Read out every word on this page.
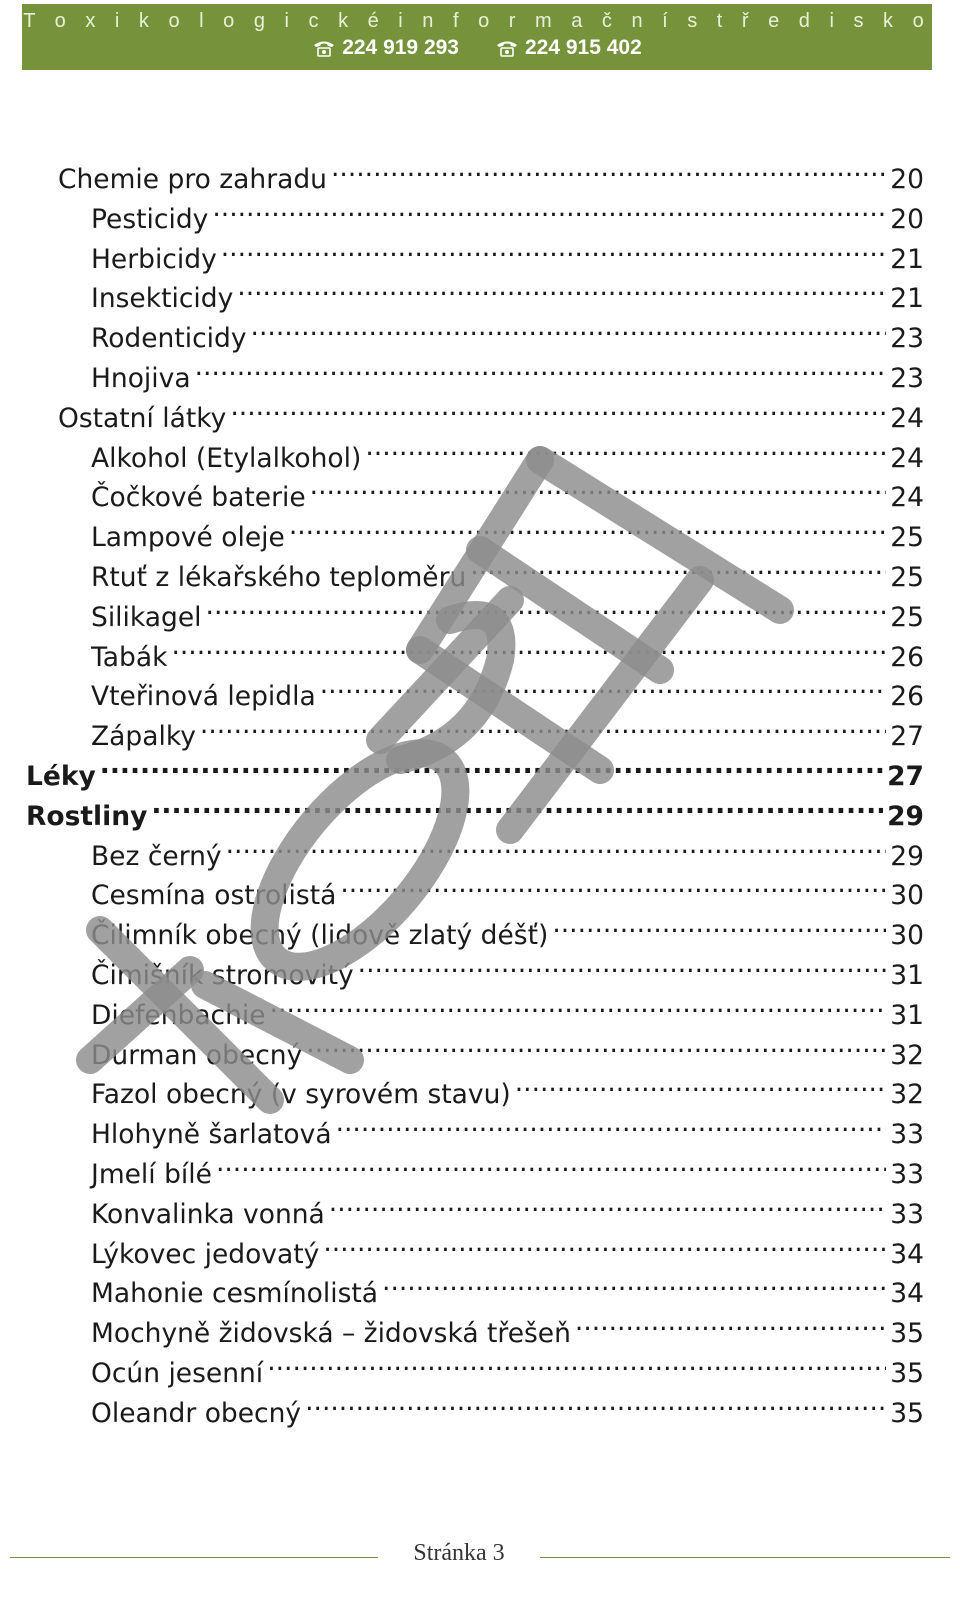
T o x i k o l o g i c k é i n f o r m a č n í s t ř e d i s k o
224 919 293	224 915 402
Chemie pro zahradu .....	20
Pesticidy .....	20
Herbicidy .....	21
Insekticidy .....	21
Rodenticidy .....	23
Hnojiva .....	23
Ostatní látky .....	24
Alkohol (Etylalkohol) .....	24
Čočkové baterie .....	24
Lampové oleje .....	25
Rtuť z lékařského teploměru .....	25
Silikagel .....	25
Tabák .....	26
Vteřinová lepidla .....	26
Zápalky .....	27
Léky .....	27
Rostliny .....	29
Bez černý .....	29
Cesmína ostrolistá .....	30
Čilimník obecný (lidově zlatý déšť) .....	30
Čimišník stromovitý .....	31
Diefenbachie .....	31
Durman obecný .....	32
Fazol obecný (v syrovém stavu) .....	32
Hlohyně šarlatová .....	33
Jmelí bílé .....	33
Konvalinka vonná .....	33
Lýkovec jedovatý .....	34
Mahonie cesmínolistá .....	34
Mochyně židovská – židovská třešeň .....	35
Ocún jesenní .....	35
Oleandr obecný .....	35
Stránka 3
